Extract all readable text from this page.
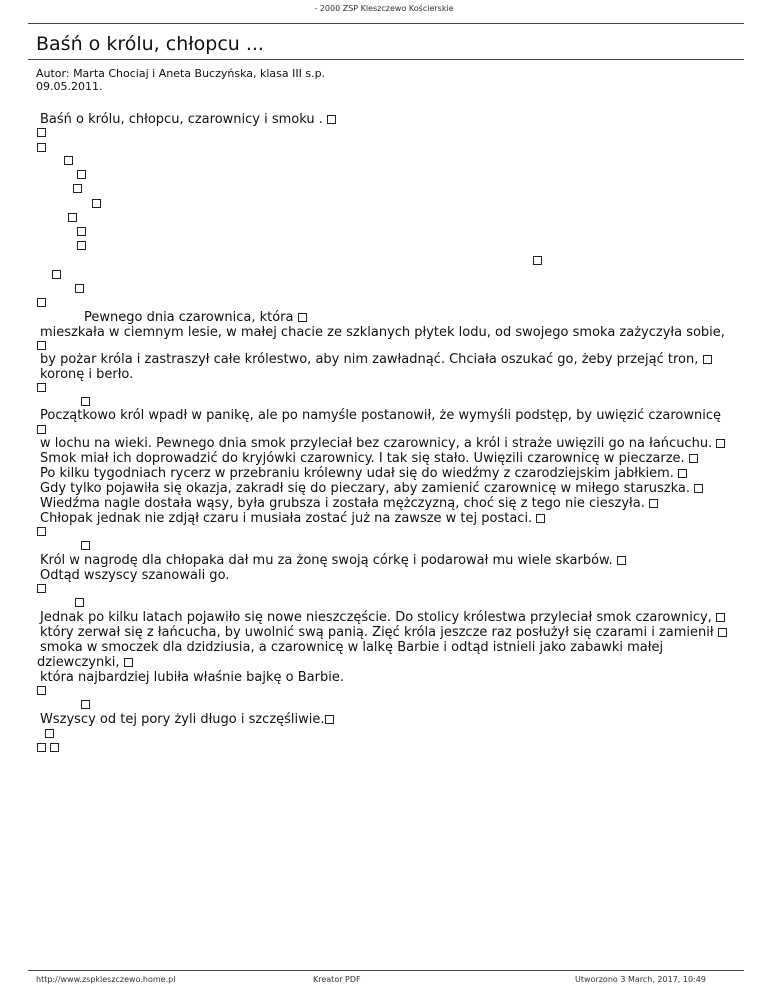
- 2000 ZSP Kleszczewo Kościerskie
Baśń o królu, chłopcu ...
Autor: Marta Chociaj i Aneta Buczyńska, klasa III s.p.
09.05.2011.
Baśń o królu, chłopcu, czarownicy i smoku .
Pewnego dnia czarownica, która
mieszkała w ciemnym lesie, w małej chacie ze szklanych płytek lodu, od swojego smoka zażyczyła sobie,
by pożar króla i zastraszył całe królestwo, aby nim zawładnąć. Chciała oszukać go, żeby przejąć tron,
koronę i berło.
Początkowo król wpadł w panikę, ale po namyśle postanowił, że wymyśli podstęp, by uwięzić czarownicę
w lochu na wieki. Pewnego dnia smok przyleciał bez czarownicy, a król i straże uwięzili go na łańcuchu.
Smok miał ich doprowadzić do kryjówki czarownicy. I tak się stało. Uwięzili czarownicę w pieczarze.
Po kilku tygodniach rycerz w przebraniu królewny udał się do wiedźmy z czarodziejskim jabłkiem.
Gdy tylko pojawiła się okazja, zakradł się do pieczary, aby zamienić czarownicę w miłego staruszka.
Wiedźma nagle dostała wąsy, była grubsza i została mężczyzną, choć się z tego nie cieszyła.
Chłopak jednak nie zdjął czaru i musiała zostać już na zawsze w tej postaci.
Król w nagrodę dla chłopaka dał mu za żonę swoją córkę i podarował mu wiele skarbów.
Odtąd wszyscy szanowali go.
Jednak po kilku latach pojawiło się nowe nieszczęście. Do stolicy królestwa przyleciał smok czarownicy,
który zerwał się z łańcucha, by uwolnić swą panią. Zięć króla jeszcze raz posłużył się czarami i zamienił
smoka w smoczek dla dzidziusia, a czarownicę w lalkę Barbie i odtąd istnieli jako zabawki małej
dziewczynki,
która najbardziej lubiła właśnie bajkę o Barbie.
Wszyscy od tej pory żyli długo i szczęśliwie.
http://www.zspkleszczewo.home.pl	Kreator PDF	Utworzono 3 March, 2017, 10:49
